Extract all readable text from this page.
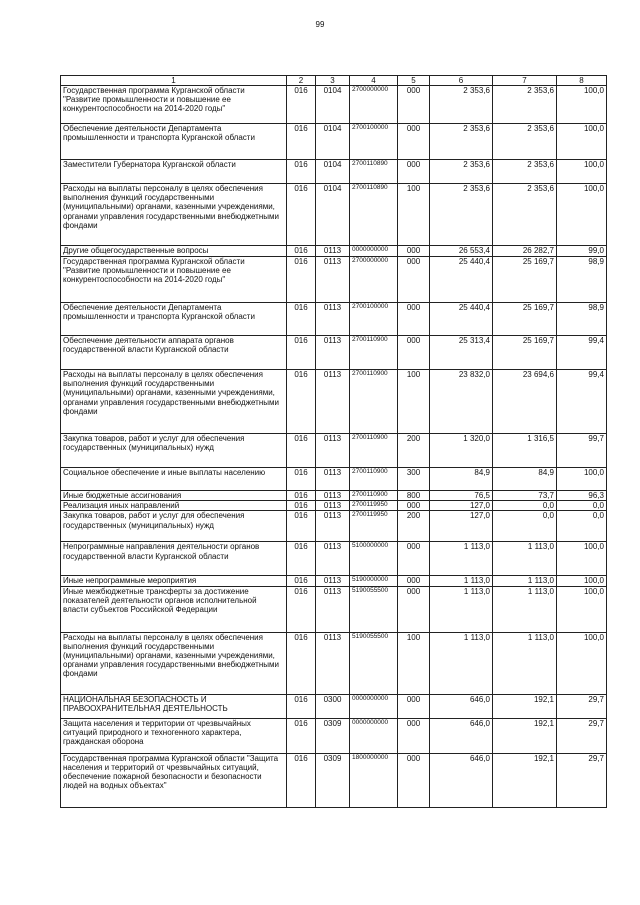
99
1	2	3	4	5	6	7	8
Государственная программа Курганской области "Развитие промышленности и повышение ее конкурентоспособности на 2014-2020 годы"	016	0104	2700000000	000	2 353,6	2 353,6	100,0
Обеспечение деятельности Департамента промышленности и транспорта Курганской области	016	0104	2700100000	000	2 353,6	2 353,6	100,0
Заместители Губернатора Курганской области	016	0104	2700110890	000	2 353,6	2 353,6	100,0
Расходы на выплаты персоналу в целях обеспечения выполнения функций государственными (муниципальными) органами, казенными учреждениями, органами управления государственными внебюджетными фондами	016	0104	2700110890	100	2 353,6	2 353,6	100,0
Другие общегосударственные вопросы	016	0113	0000000000	000	26 553,4	26 282,7	99,0
Государственная программа Курганской области "Развитие промышленности и повышение ее конкурентоспособности на 2014-2020 годы"	016	0113	2700000000	000	25 440,4	25 169,7	98,9
Обеспечение деятельности Департамента промышленности и транспорта Курганской области	016	0113	2700100000	000	25 440,4	25 169,7	98,9
Обеспечение деятельности аппарата органов государственной власти Курганской области	016	0113	2700110900	000	25 313,4	25 169,7	99,4
Расходы на выплаты персоналу в целях обеспечения выполнения функций государственными (муниципальными) органами, казенными учреждениями, органами управления государственными внебюджетными фондами	016	0113	2700110900	100	23 832,0	23 694,6	99,4
Закупка товаров, работ и услуг для обеспечения государственных (муниципальных) нужд	016	0113	2700110900	200	1 320,0	1 316,5	99,7
Социальное обеспечение и иные выплаты населению	016	0113	2700110900	300	84,9	84,9	100,0
Иные бюджетные ассигнования	016	0113	2700110900	800	76,5	73,7	96,3
Реализация иных направлений	016	0113	2700119950	000	127,0	0,0	0,0
Закупка товаров, работ и услуг для обеспечения государственных (муниципальных) нужд	016	0113	2700119950	200	127,0	0,0	0,0
Непрограммные направления деятельности органов государственной власти Курганской области	016	0113	5100000000	000	1 113,0	1 113,0	100,0
Иные непрограммные мероприятия	016	0113	5190000000	000	1 113,0	1 113,0	100,0
Иные межбюджетные трансферты за достижение показателей деятельности органов исполнительной власти субъектов Российской Федерации	016	0113	5190055500	000	1 113,0	1 113,0	100,0
Расходы на выплаты персоналу в целях обеспечения выполнения функций государственными (муниципальными) органами, казенными учреждениями, органами управления государственными внебюджетными фондами	016	0113	5190055500	100	1 113,0	1 113,0	100,0
НАЦИОНАЛЬНАЯ БЕЗОПАСНОСТЬ И ПРАВООХРАНИТЕЛЬНАЯ ДЕЯТЕЛЬНОСТЬ	016	0300	0000000000	000	646,0	192,1	29,7
Защита населения и территории от чрезвычайных ситуаций природного и техногенного характера, гражданская оборона	016	0309	0000000000	000	646,0	192,1	29,7
Государственная программа Курганской области "Защита населения и территорий от чрезвычайных ситуаций, обеспечение пожарной безопасности и безопасности людей на водных объектах"	016	0309	1800000000	000	646,0	192,1	29,7
